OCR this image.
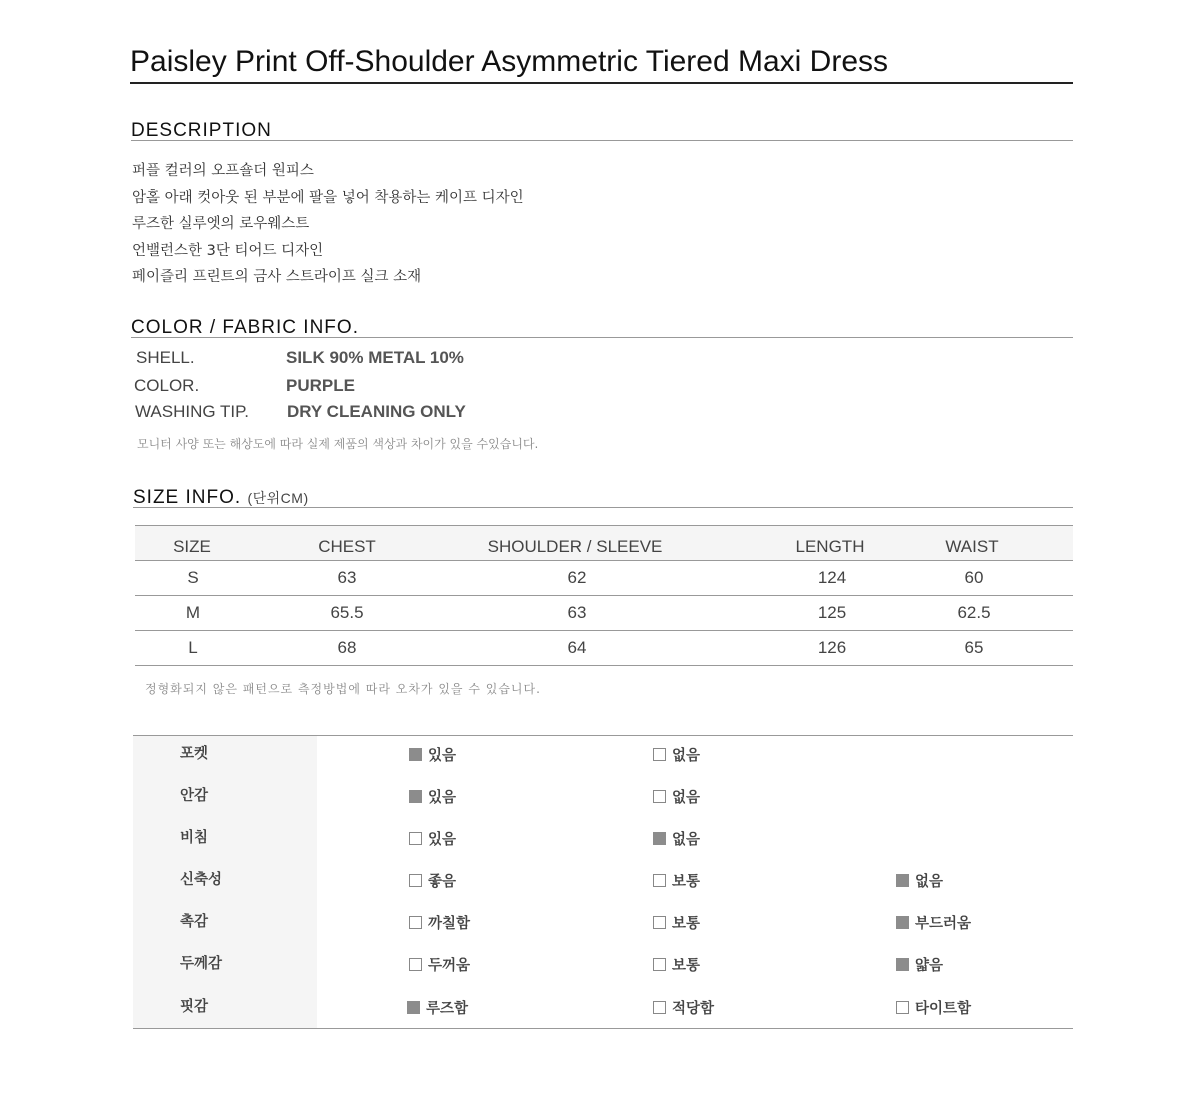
Paisley Print Off-Shoulder Asymmetric Tiered Maxi Dress
DESCRIPTION
퍼플 컬러의 오프숄더 원피스
암홀 아래 컷아웃 된 부분에 팔을 넣어 착용하는 케이프 디자인
루즈한 실루엣의 로우웨스트
언밸런스한 3단 티어드 디자인
페이즐리 프린트의 금사 스트라이프 실크 소재
COLOR / FABRIC INFO.
SHELL.	SILK 90% METAL 10%
COLOR.	PURPLE
WASHING TIP. DRY CLEANING ONLY
모니터 사양 또는 해상도에 따라 실제 제품의 색상과 차이가 있을 수있습니다.
SIZE INFO. (단위CM)
SIZE	CHEST	SHOULDER / SLEEVE	LENGTH	WAIST
S	63	62	124	60
M	65.5	63	125	62.5
L	68	64	126	65
정형화되지 않은 패턴으로 측정방법에 따라 오차가 있을 수 있습니다.
포켓	있음	없음
안감	있음	없음
비침	있음	없음
신축성	좋음	보통	없음
촉감	까칠함	보통	부드러움
두께감	두꺼움	보통	얇음
핏감	루즈함	적당함	타이트함
